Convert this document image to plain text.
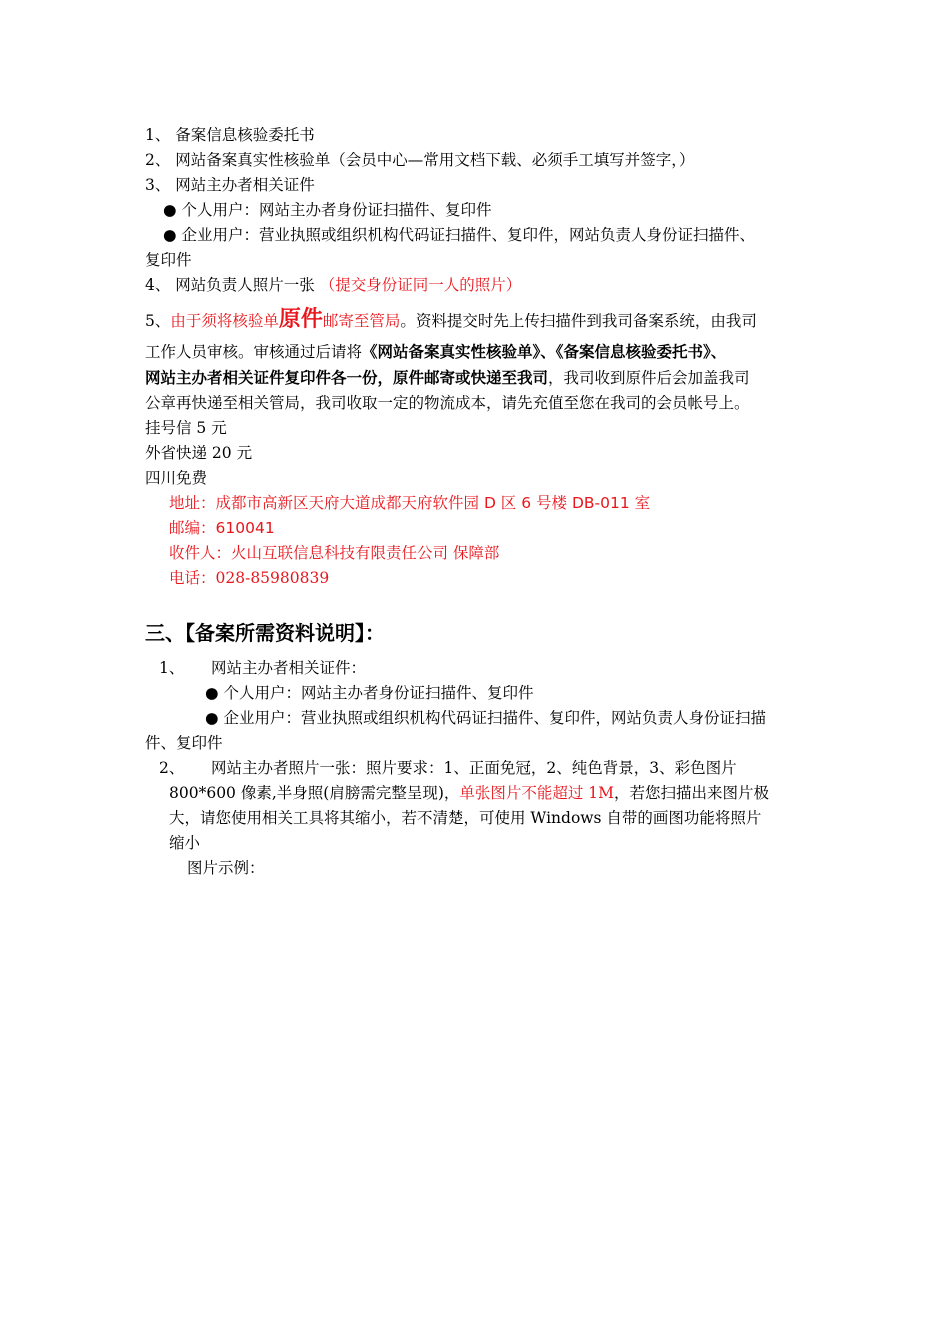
1、 备案信息核验委托书
2、 网站备案真实性核验单（会员中心—常用文档下载、必须手工填写并签字，）
3、 网站主办者相关证件
● 个人用户：网站主办者身份证扫描件、复印件
● 企业用户：营业执照或组织机构代码证扫描件、复印件，网站负责人身份证扫描件、
复印件
4、 网站负责人照片一张 （提交身份证同一人的照片）
5、由于须将核验单原件邮寄至管局。资料提交时先上传扫描件到我司备案系统，由我司
工作人员审核。审核通过后请将《网站备案真实性核验单》、《备案信息核验委托书》、
网站主办者相关证件复印件各一份，原件邮寄或快递至我司，我司收到原件后会加盖我司
公章再快递至相关管局，我司收取一定的物流成本，请先充值至您在我司的会员帐号上。
挂号信 5 元
外省快递 20 元
四川免费
地址：成都市高新区天府大道成都天府软件园 D 区 6 号楼 DB-011 室
邮编：610041
收件人：火山互联信息科技有限责任公司 保障部
电话：028-85980839
三、【备案所需资料说明】：
1、 网站主办者相关证件：
● 个人用户：网站主办者身份证扫描件、复印件
● 企业用户：营业执照或组织机构代码证扫描件、复印件，网站负责人身份证扫描
件、复印件
2、 网站主办者照片一张：照片要求：1、正面免冠，2、纯色背景，3、彩色图片
800*600 像素,半身照(肩膀需完整呈现)，单张图片不能超过 1M，若您扫描出来图片极
大，请您使用相关工具将其缩小，若不清楚，可使用 Windows 自带的画图功能将照片
缩小
图片示例：
